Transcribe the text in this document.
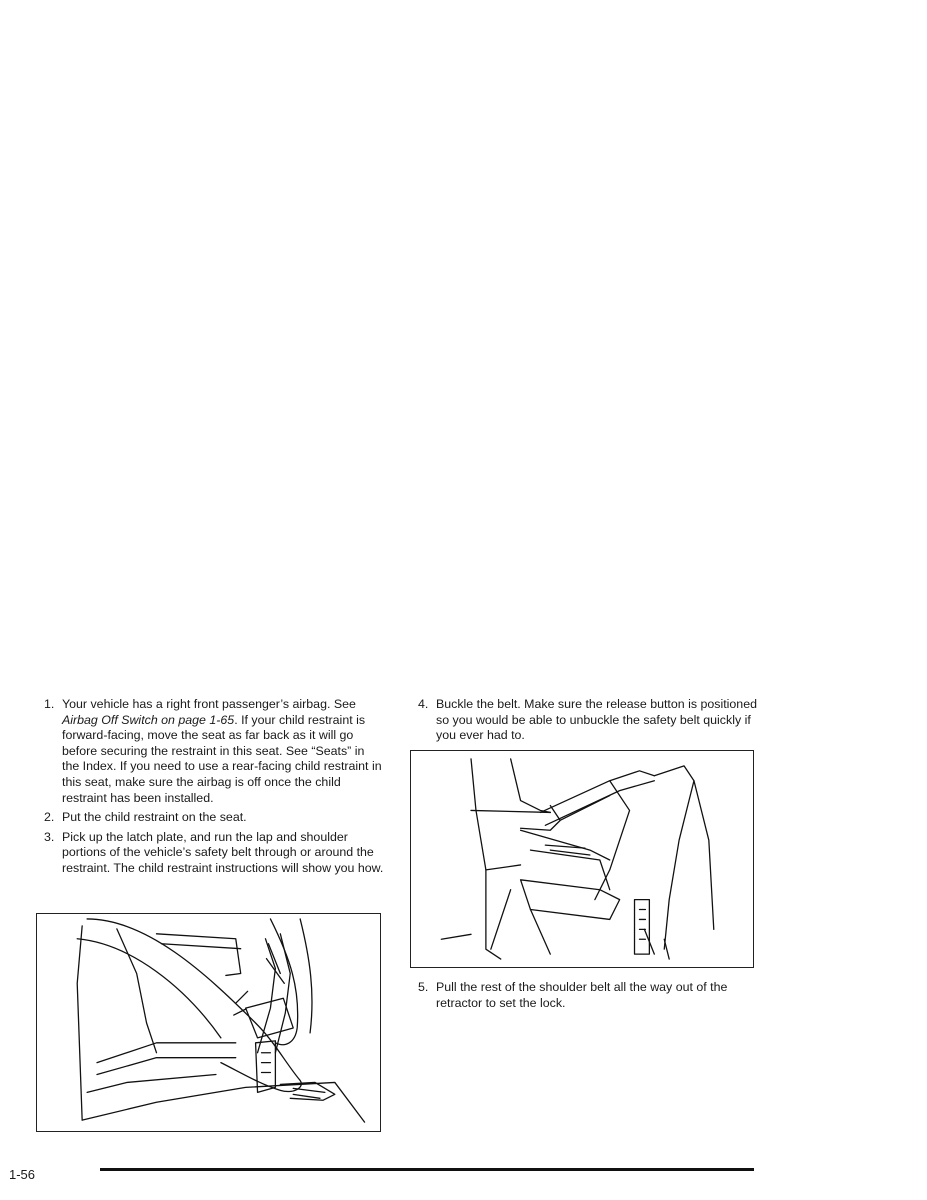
1. Your vehicle has a right front passenger’s airbag. See Airbag Off Switch on page 1-65. If your child restraint is forward-facing, move the seat as far back as it will go before securing the restraint in this seat. See “Seats” in the Index. If you need to use a rear-facing child restraint in this seat, make sure the airbag is off once the child restraint has been installed.
2. Put the child restraint on the seat.
3. Pick up the latch plate, and run the lap and shoulder portions of the vehicle’s safety belt through or around the restraint. The child restraint instructions will show you how.
4. Buckle the belt. Make sure the release button is positioned so you would be able to unbuckle the safety belt quickly if you ever had to.
5. Pull the rest of the shoulder belt all the way out of the retractor to set the lock.
1-56
